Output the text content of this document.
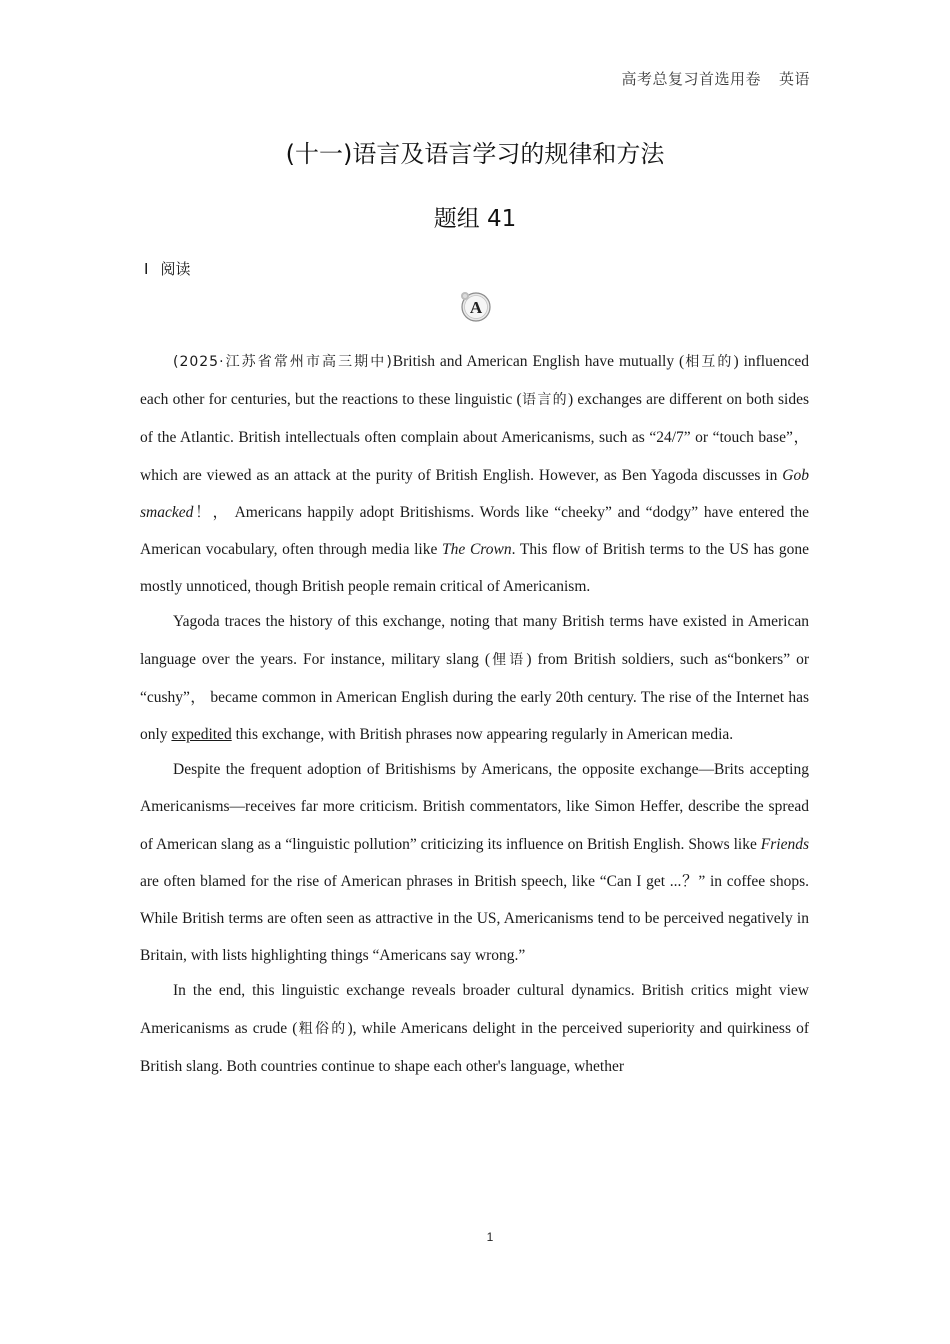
高考总复习首选用卷 英语
(十一)语言及语言学习的规律和方法
题组 41
Ⅰ 阅读
A

(2025·江苏省常州市高三期中)British and American English have mutually (相互的) influenced each other for centuries, but the reactions to these linguistic (语言的) exchanges are different on both sides of the Atlantic. British intellectuals often complain about Americanisms, such as “24/7” or “touch base”， which are viewed as an attack at the purity of British English. However, as Ben Yagoda discusses in Gob smacked！， Americans happily adopt Britishisms. Words like “cheeky” and “dodgy” have entered the American vocabulary, often through media like The Crown. This flow of British terms to the US has gone mostly unnoticed, though British people remain critical of Americanism.

Yagoda traces the history of this exchange, noting that many British terms have existed in American language over the years. For instance, military slang (俚语) from British soldiers, such as“bonkers” or “cushy”， became common in American English during the early 20th century. The rise of the Internet has only expedited this exchange, with British phrases now appearing regularly in American media.

Despite the frequent adoption of Britishisms by Americans, the opposite exchange—Brits accepting Americanisms—receives far more criticism. British commentators, like Simon Heffer, describe the spread of American slang as a “linguistic pollution” criticizing its influence on British English. Shows like Friends are often blamed for the rise of American phrases in British speech, like “Can I get ...？” in coffee shops. While British terms are often seen as attractive in the US, Americanisms tend to be perceived negatively in Britain, with lists highlighting things “Americans say wrong.”

In the end, this linguistic exchange reveals broader cultural dynamics. British critics might view Americanisms as crude (粗俗的), while Americans delight in the perceived superiority and quirkiness of British slang. Both countries continue to shape each other's language, whether

1
